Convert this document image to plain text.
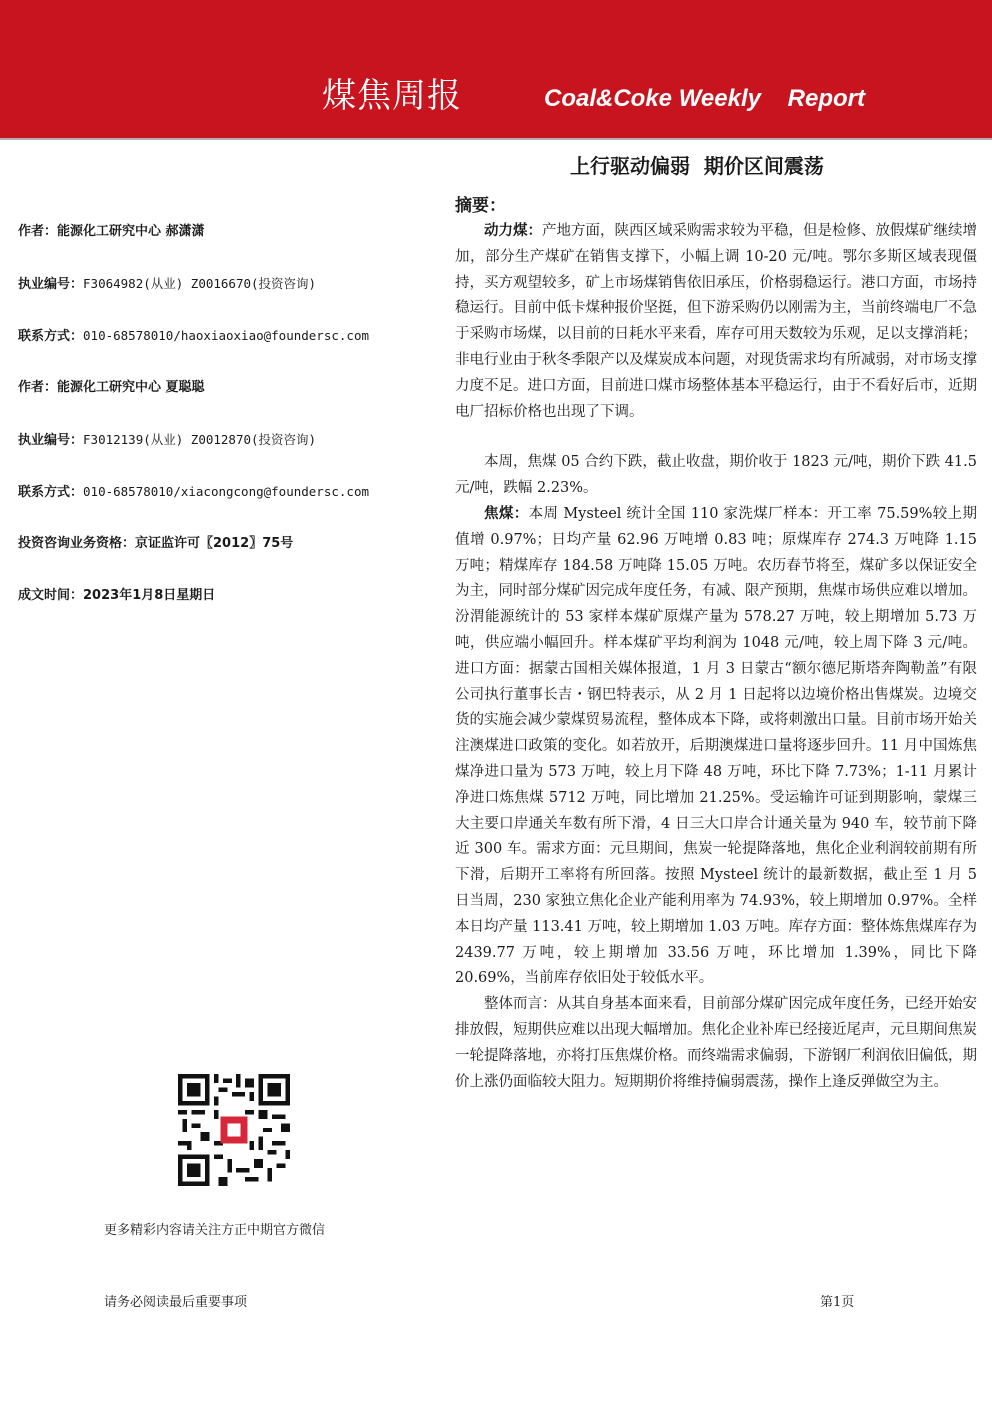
煤焦周报	Coal&Coke Weekly    Report
作者：能源化工研究中心 郝潇潇
执业编号：F3064982(从业) Z0016670(投资咨询)
联系方式：010-68578010/haoxiaoxiao@foundersc.com
作者：能源化工研究中心 夏聪聪
执业编号：F3012139(从业) Z0012870(投资咨询)
联系方式：010-68578010/xiacongcong@foundersc.com
投资咨询业务资格：京证监许可〖2012〗75号
成文时间：2023年1月8日星期日
更多精彩内容请关注方正中期官方微信
上行驱动偏弱  期价区间震荡
摘要：

动力煤：产地方面，陕西区域采购需求较为平稳，但是检修、放假煤矿继续增加，部分生产煤矿在销售支撑下，小幅上调 10-20 元/吨。鄂尔多斯区域表现僵持，买方观望较多，矿上市场煤销售依旧承压，价格弱稳运行。港口方面，市场持稳运行。目前中低卡煤种报价坚挺，但下游采购仍以刚需为主，当前终端电厂不急于采购市场煤，以目前的日耗水平来看，库存可用天数较为乐观，足以支撑消耗；非电行业由于秋冬季限产以及煤炭成本问题，对现货需求均有所减弱，对市场支撑力度不足。进口方面，目前进口煤市场整体基本平稳运行，由于不看好后市，近期电厂招标价格也出现了下调。

本周，焦煤 05 合约下跌，截止收盘，期价收于 1823 元/吨，期价下跌 41.5 元/吨，跌幅 2.23%。

焦煤：本周 Mysteel 统计全国 110 家洗煤厂样本：开工率 75.59%较上期值增 0.97%；日均产量 62.96 万吨增 0.83 吨；原煤库存 274.3 万吨降 1.15 万吨；精煤库存 184.58 万吨降 15.05 万吨。农历春节将至，煤矿多以保证安全为主，同时部分煤矿因完成年度任务，有减、限产预期，焦煤市场供应难以增加。汾渭能源统计的 53 家样本煤矿原煤产量为 578.27 万吨，较上期增加 5.73 万吨，供应端小幅回升。样本煤矿平均利润为 1048 元/吨，较上周下降 3 元/吨。进口方面：据蒙古国相关媒体报道，1 月 3 日蒙古“额尔德尼斯塔奔陶勒盖”有限公司执行董事长吉・钢巴特表示，从 2 月 1 日起将以边境价格出售煤炭。边境交货的实施会减少蒙煤贸易流程，整体成本下降，或将刺激出口量。目前市场开始关注澳煤进口政策的变化。如若放开，后期澳煤进口量将逐步回升。11 月中国炼焦煤净进口量为 573 万吨，较上月下降 48 万吨，环比下降 7.73%；1-11 月累计净进口炼焦煤 5712 万吨，同比增加 21.25%。受运输许可证到期影响，蒙煤三大主要口岸通关车数有所下滑，4 日三大口岸合计通关量为 940 车，较节前下降近 300 车。需求方面：元旦期间，焦炭一轮提降落地，焦化企业利润较前期有所下滑，后期开工率将有所回落。按照 Mysteel 统计的最新数据，截止至 1 月 5 日当周，230 家独立焦化企业产能利用率为 74.93%，较上期增加 0.97%。全样本日均产量 113.41 万吨，较上期增加 1.03 万吨。库存方面：整体炼焦煤库存为 2439.77 万吨，较上期增加 33.56 万吨，环比增加 1.39%，同比下降 20.69%，当前库存依旧处于较低水平。

整体而言：从其自身基本面来看，目前部分煤矿因完成年度任务，已经开始安排放假，短期供应难以出现大幅增加。焦化企业补库已经接近尾声，元旦期间焦炭一轮提降落地，亦将打压焦煤价格。而终端需求偏弱，下游钢厂利润依旧偏低，期价上涨仍面临较大阻力。短期期价将维持偏弱震荡，操作上逢反弹做空为主。

请务必阅读最后重要事项	第1页
